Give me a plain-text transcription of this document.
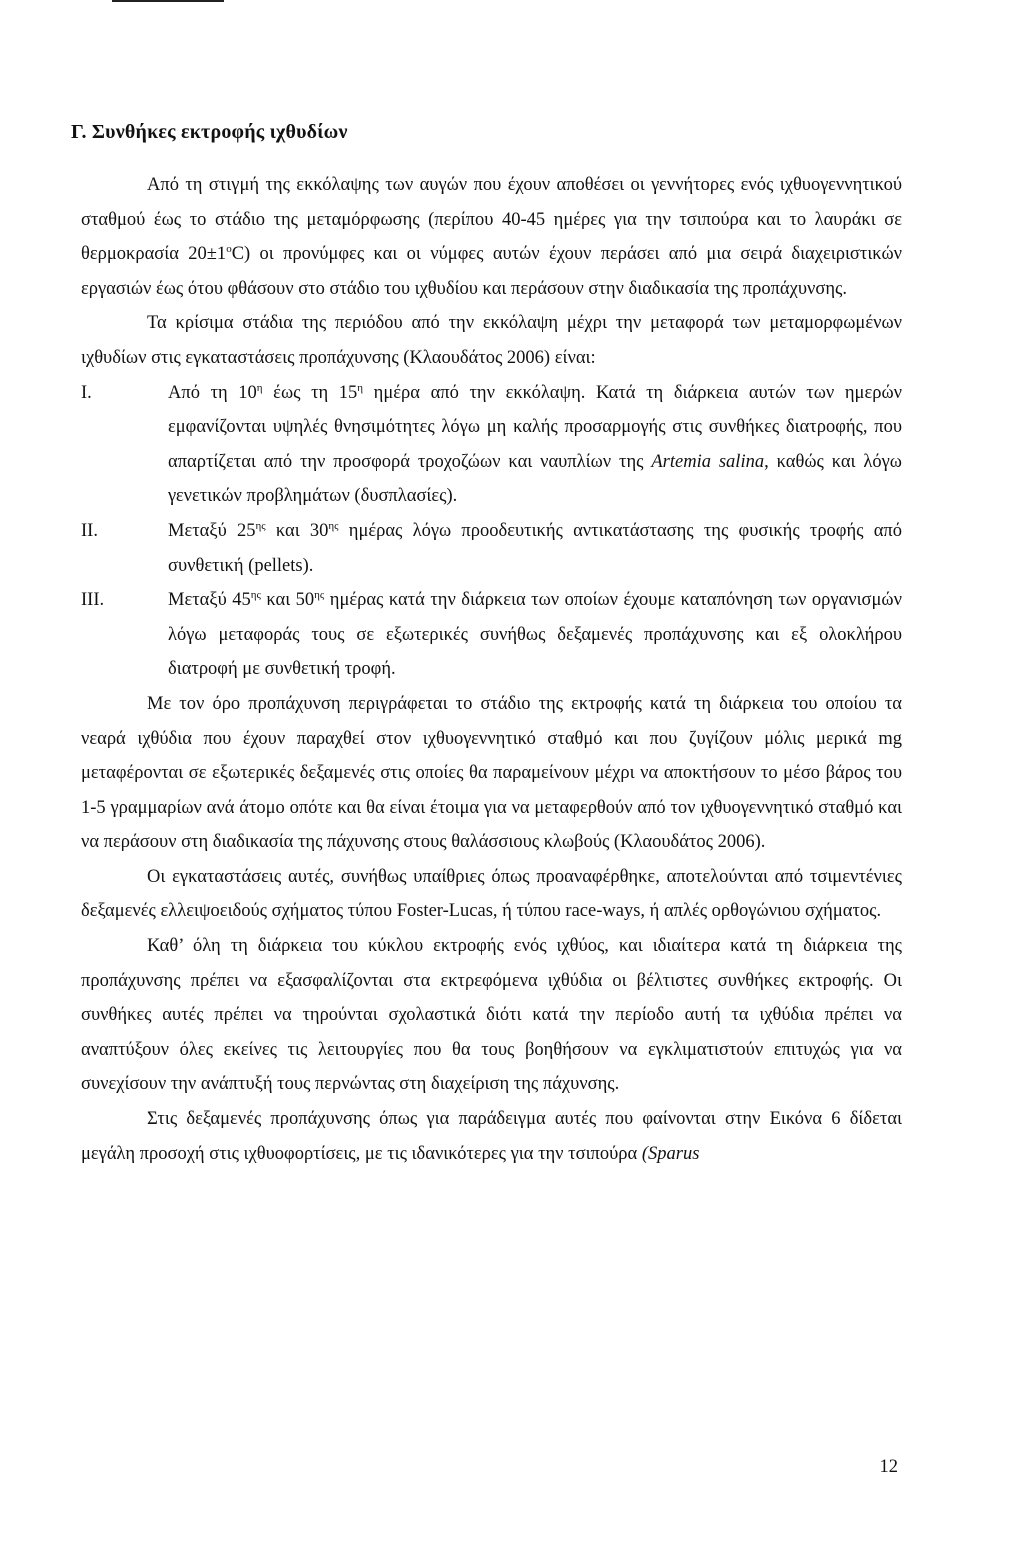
Γ. Συνθήκες εκτροφής ιχθυδίων

Από τη στιγμή της εκκόλαψης των αυγών που έχουν αποθέσει οι γεννήτορες ενός ιχθυογεννητικού σταθμού έως το στάδιο της μεταμόρφωσης (περίπου 40-45 ημέρες για την τσιπούρα και το λαυράκι σε θερμοκρασία $20\pm 1^oC$) οι προνύμφες και οι νύμφες αυτών έχουν περάσει από μια σειρά διαχειριστικών εργασιών έως ότου φθάσουν στο στάδιο του ιχθυδίου και περάσουν στην διαδικασία της προπάχυνσης.

Τα κρίσιμα στάδια της περιόδου από την εκκόλαψη μέχρι την μεταφορά των μεταμορφωμένων ιχθυδίων στις εγκαταστάσεις προπάχυνσης (Κλαουδάτος 2006) είναι:

I.	Από τη $10^\eta$ έως τη $15^\eta$ ημέρα από την εκκόλαψη. Κατά τη διάρκεια αυτών των ημερών εμφανίζονται υψηλές θνησιμότητες λόγω μη καλής προσαρμογής στις συνθήκες διατροφής, που απαρτίζεται από την προσφορά τροχοζώων και ναυπλίων της Artemia salina, καθώς και λόγω γενετικών προβλημάτων (δυσπλασίες).
II.	Μεταξύ $25^{\eta\varsigma}$ και $30^{\eta\varsigma}$ ημέρας λόγω προοδευτικής αντικατάστασης της φυσικής τροφής από συνθετική (pellets).
III.	Μεταξύ $45^{\eta\varsigma}$ και $50^{\eta\varsigma}$ ημέρας κατά την διάρκεια των οποίων έχουμε καταπόνηση των οργανισμών λόγω μεταφοράς τους σε εξωτερικές συνήθως δεξαμενές προπάχυνσης και εξ ολοκλήρου διατροφή με συνθετική τροφή.

Με τον όρο προπάχυνση περιγράφεται το στάδιο της εκτροφής κατά τη διάρκεια του οποίου τα νεαρά ιχθύδια που έχουν παραχθεί στον ιχθυογεννητικό σταθμό και που ζυγίζουν μόλις μερικά mg μεταφέρονται σε εξωτερικές δεξαμενές στις οποίες θα παραμείνουν μέχρι να αποκτήσουν το μέσο βάρος του 1-5 γραμμαρίων ανά άτομο οπότε και θα είναι έτοιμα για να μεταφερθούν από τον ιχθυογεννητικό σταθμό και να περάσουν στη διαδικασία της πάχυνσης στους θαλάσσιους κλωβούς (Κλαουδάτος 2006).

Οι εγκαταστάσεις αυτές, συνήθως υπαίθριες όπως προαναφέρθηκε, αποτελούνται από τσιμεντένιες δεξαμενές ελλειψοειδούς σχήματος τύπου Foster-Lucas, ή τύπου race-ways, ή απλές ορθογώνιου σχήματος.

Καθ’ όλη τη διάρκεια του κύκλου εκτροφής ενός ιχθύος, και ιδιαίτερα κατά τη διάρκεια της προπάχυνσης πρέπει να εξασφαλίζονται στα εκτρεφόμενα ιχθύδια οι βέλτιστες συνθήκες εκτροφής. Οι συνθήκες αυτές πρέπει να τηρούνται σχολαστικά διότι κατά την περίοδο αυτή τα ιχθύδια πρέπει να αναπτύξουν όλες εκείνες τις λειτουργίες που θα τους βοηθήσουν να εγκλιματιστούν επιτυχώς για να συνεχίσουν την ανάπτυξή τους περνώντας στη διαχείριση της πάχυνσης.

Στις δεξαμενές προπάχυνσης όπως για παράδειγμα αυτές που φαίνονται στην Εικόνα 6 δίδεται μεγάλη προσοχή στις ιχθυοφορτίσεις, με τις ιδανικότερες για την τσιπούρα (Sparus

12
